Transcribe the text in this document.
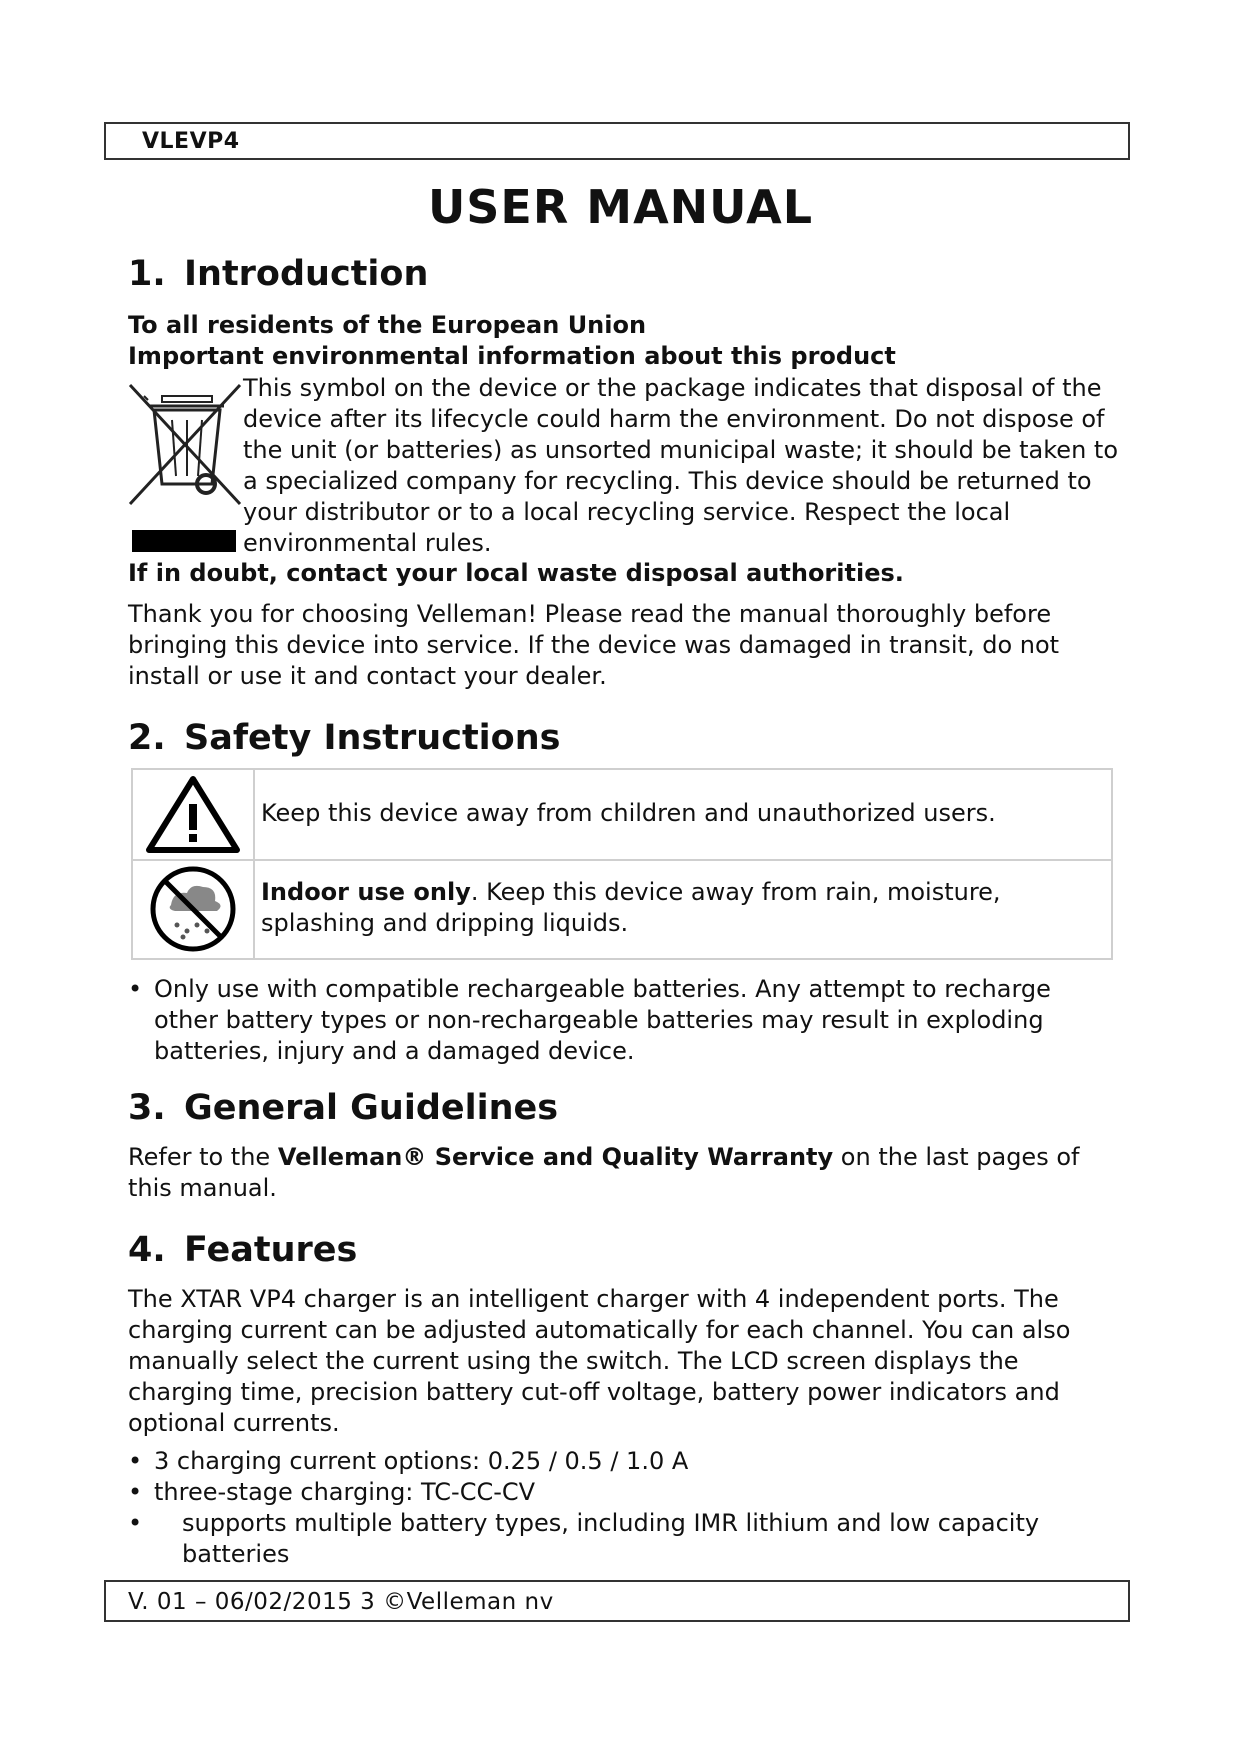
VLEVP4
USER MANUAL
1. Introduction
To all residents of the European Union
Important environmental information about this product
This symbol on the device or the package indicates that disposal of the device after its lifecycle could harm the environment. Do not dispose of the unit (or batteries) as unsorted municipal waste; it should be taken to a specialized company for recycling. This device should be returned to your distributor or to a local recycling service. Respect the local environmental rules.
If in doubt, contact your local waste disposal authorities.
Thank you for choosing Velleman! Please read the manual thoroughly before bringing this device into service. If the device was damaged in transit, do not install or use it and contact your dealer.
2. Safety Instructions
Keep this device away from children and unauthorized users.
Indoor use only. Keep this device away from rain, moisture, splashing and dripping liquids.
• Only use with compatible rechargeable batteries. Any attempt to recharge other battery types or non-rechargeable batteries may result in exploding batteries, injury and a damaged device.
3. General Guidelines
Refer to the Velleman® Service and Quality Warranty on the last pages of this manual.
4. Features
The XTAR VP4 charger is an intelligent charger with 4 independent ports. The charging current can be adjusted automatically for each channel. You can also manually select the current using the switch. The LCD screen displays the charging time, precision battery cut-off voltage, battery power indicators and optional currents.
• 3 charging current options: 0.25 / 0.5 / 1.0 A
• three-stage charging: TC-CC-CV
• supports multiple battery types, including IMR lithium and low capacity batteries
V. 01 – 06/02/2015 3 ©Velleman nv
